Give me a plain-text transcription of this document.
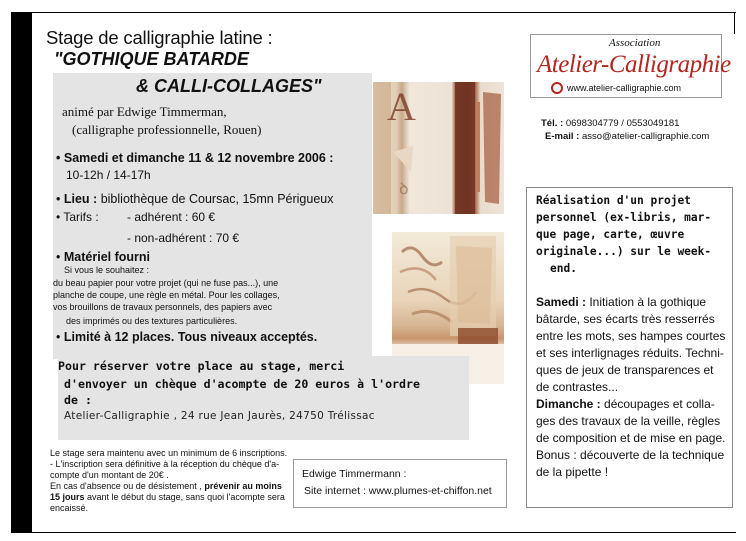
Stage de calligraphie latine :
"GOTHIQUE BATARDE
& CALLI-COLLAGES"
animé par Edwige Timmerman,
(calligraphe professionnelle, Rouen)
• Samedi et dimanche 11 & 12 novembre 2006 :
10-12h / 14-17h
• Lieu : bibliothèque de Coursac, 15mn Périgueux
• Tarifs : - adhérent : 60 €
- non-adhérent : 70 €
• Matériel fourni
Si vous le souhaitez :
du beau papier pour votre projet (qui ne fuse pas...), une
planche de coupe, une règle en métal. Pour les collages,
vos brouillons de travaux personnels, des papiers avec
des imprimés ou des textures particulières.
• Limité à 12 places. Tous niveaux acceptés.
A
ꝺ
Pour réserver votre place au stage, merci
d'envoyer un chèque d'acompte de 20 euros à l'ordre
de :
Atelier-Calligraphie , 24 rue Jean Jaurès, 24750 Trélissac
Le stage sera maintenu avec un minimum de 6 inscriptions.
- L'inscription sera définitive à la réception du chèque d'a-
compte d'un montant de 20€ .
En cas d'absence ou de désistement , prévenir au moins
15 jours avant le début du stage, sans quoi l'acompte sera
encaissé.
Edwige Timmermann :
Site internet : www.plumes-et-chiffon.net
Association
Atelier-Calligraphie
www.atelier-calligraphie.com
Tél. : 0698304779 / 0553049181
E-mail : asso@atelier-calligraphie.com
Réalisation d'un projet
personnel (ex-libris, mar-
que page, carte, œuvre
originale...) sur le week-
end.
Samedi : Initiation à la gothique
bâtarde, ses écarts très resserrés
entre les mots, ses hampes courtes
et ses interlignages réduits. Techni-
ques de jeux de transparences et
de contrastes...
Dimanche : découpages et colla-
ges des travaux de la veille, règles
de composition et de mise en page.
Bonus : découverte de la technique
de la pipette !
